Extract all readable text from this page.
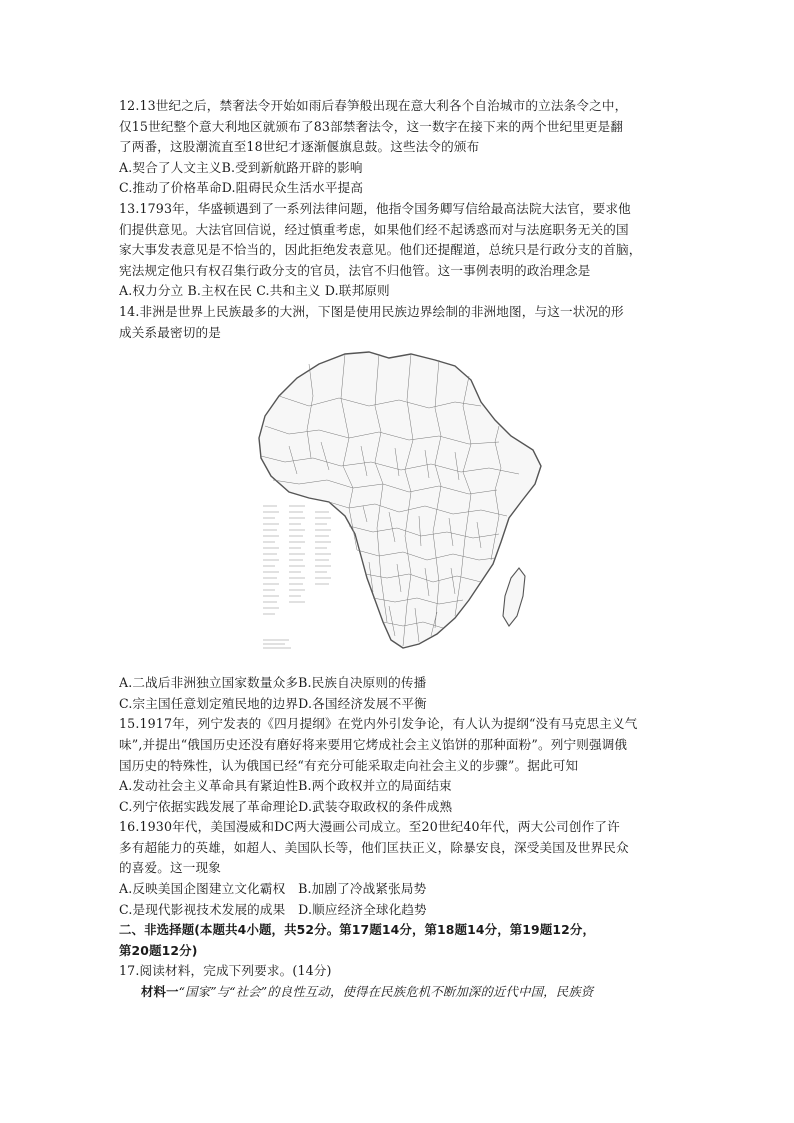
12.13世纪之后，禁奢法令开始如雨后春笋般出现在意大利各个自治城市的立法条令之中，
仅15世纪整个意大利地区就颁布了83部禁奢法令，这一数字在接下来的两个世纪里更是翻
了两番，这股潮流直至18世纪才逐渐偃旗息鼓。这些法令的颁布
A.契合了人文主义B.受到新航路开辟的影响
C.推动了价格革命D.阻碍民众生活水平提高
13.1793年，华盛顿遇到了一系列法律问题，他指令国务卿写信给最高法院大法官，要求他
们提供意见。大法官回信说，经过慎重考虑，如果他们经不起诱惑而对与法庭职务无关的国
家大事发表意见是不恰当的，因此拒绝发表意见。他们还提醒道，总统只是行政分支的首脑，
宪法规定他只有权召集行政分支的官员，法官不归他管。这一事例表明的政治理念是
A.权力分立 B.主权在民 C.共和主义 D.联邦原则
14.非洲是世界上民族最多的大洲，下图是使用民族边界绘制的非洲地图，与这一状况的形
成关系最密切的是
A.二战后非洲独立国家数量众多B.民族自决原则的传播
C.宗主国任意划定殖民地的边界D.各国经济发展不平衡
15.1917年，列宁发表的《四月提纲》在党内外引发争论，有人认为提纲“没有马克思主义气
味”,并提出“俄国历史还没有磨好将来要用它烤成社会主义馅饼的那种面粉”。列宁则强调俄
国历史的特殊性，认为俄国已经“有充分可能采取走向社会主义的步骤”。据此可知
A.发动社会主义革命具有紧迫性B.两个政权并立的局面结束
C.列宁依据实践发展了革命理论D.武装夺取政权的条件成熟
16.1930年代，美国漫威和DC两大漫画公司成立。至20世纪40年代，两大公司创作了许
多有超能力的英雄，如超人、美国队长等，他们匡扶正义，除暴安良，深受美国及世界民众
的喜爱。这一现象
A.反映美国企图建立文化霸权　B.加剧了冷战紧张局势
C.是现代影视技术发展的成果　D.顺应经济全球化趋势
二、非选择题(本题共4小题，共52分。第17题14分，第18题14分，第19题12分，
第20题12分)
17.阅读材料，完成下列要求。(14分)
材料一“国家”与“社会”的良性互动，使得在民族危机不断加深的近代中国，民族资
